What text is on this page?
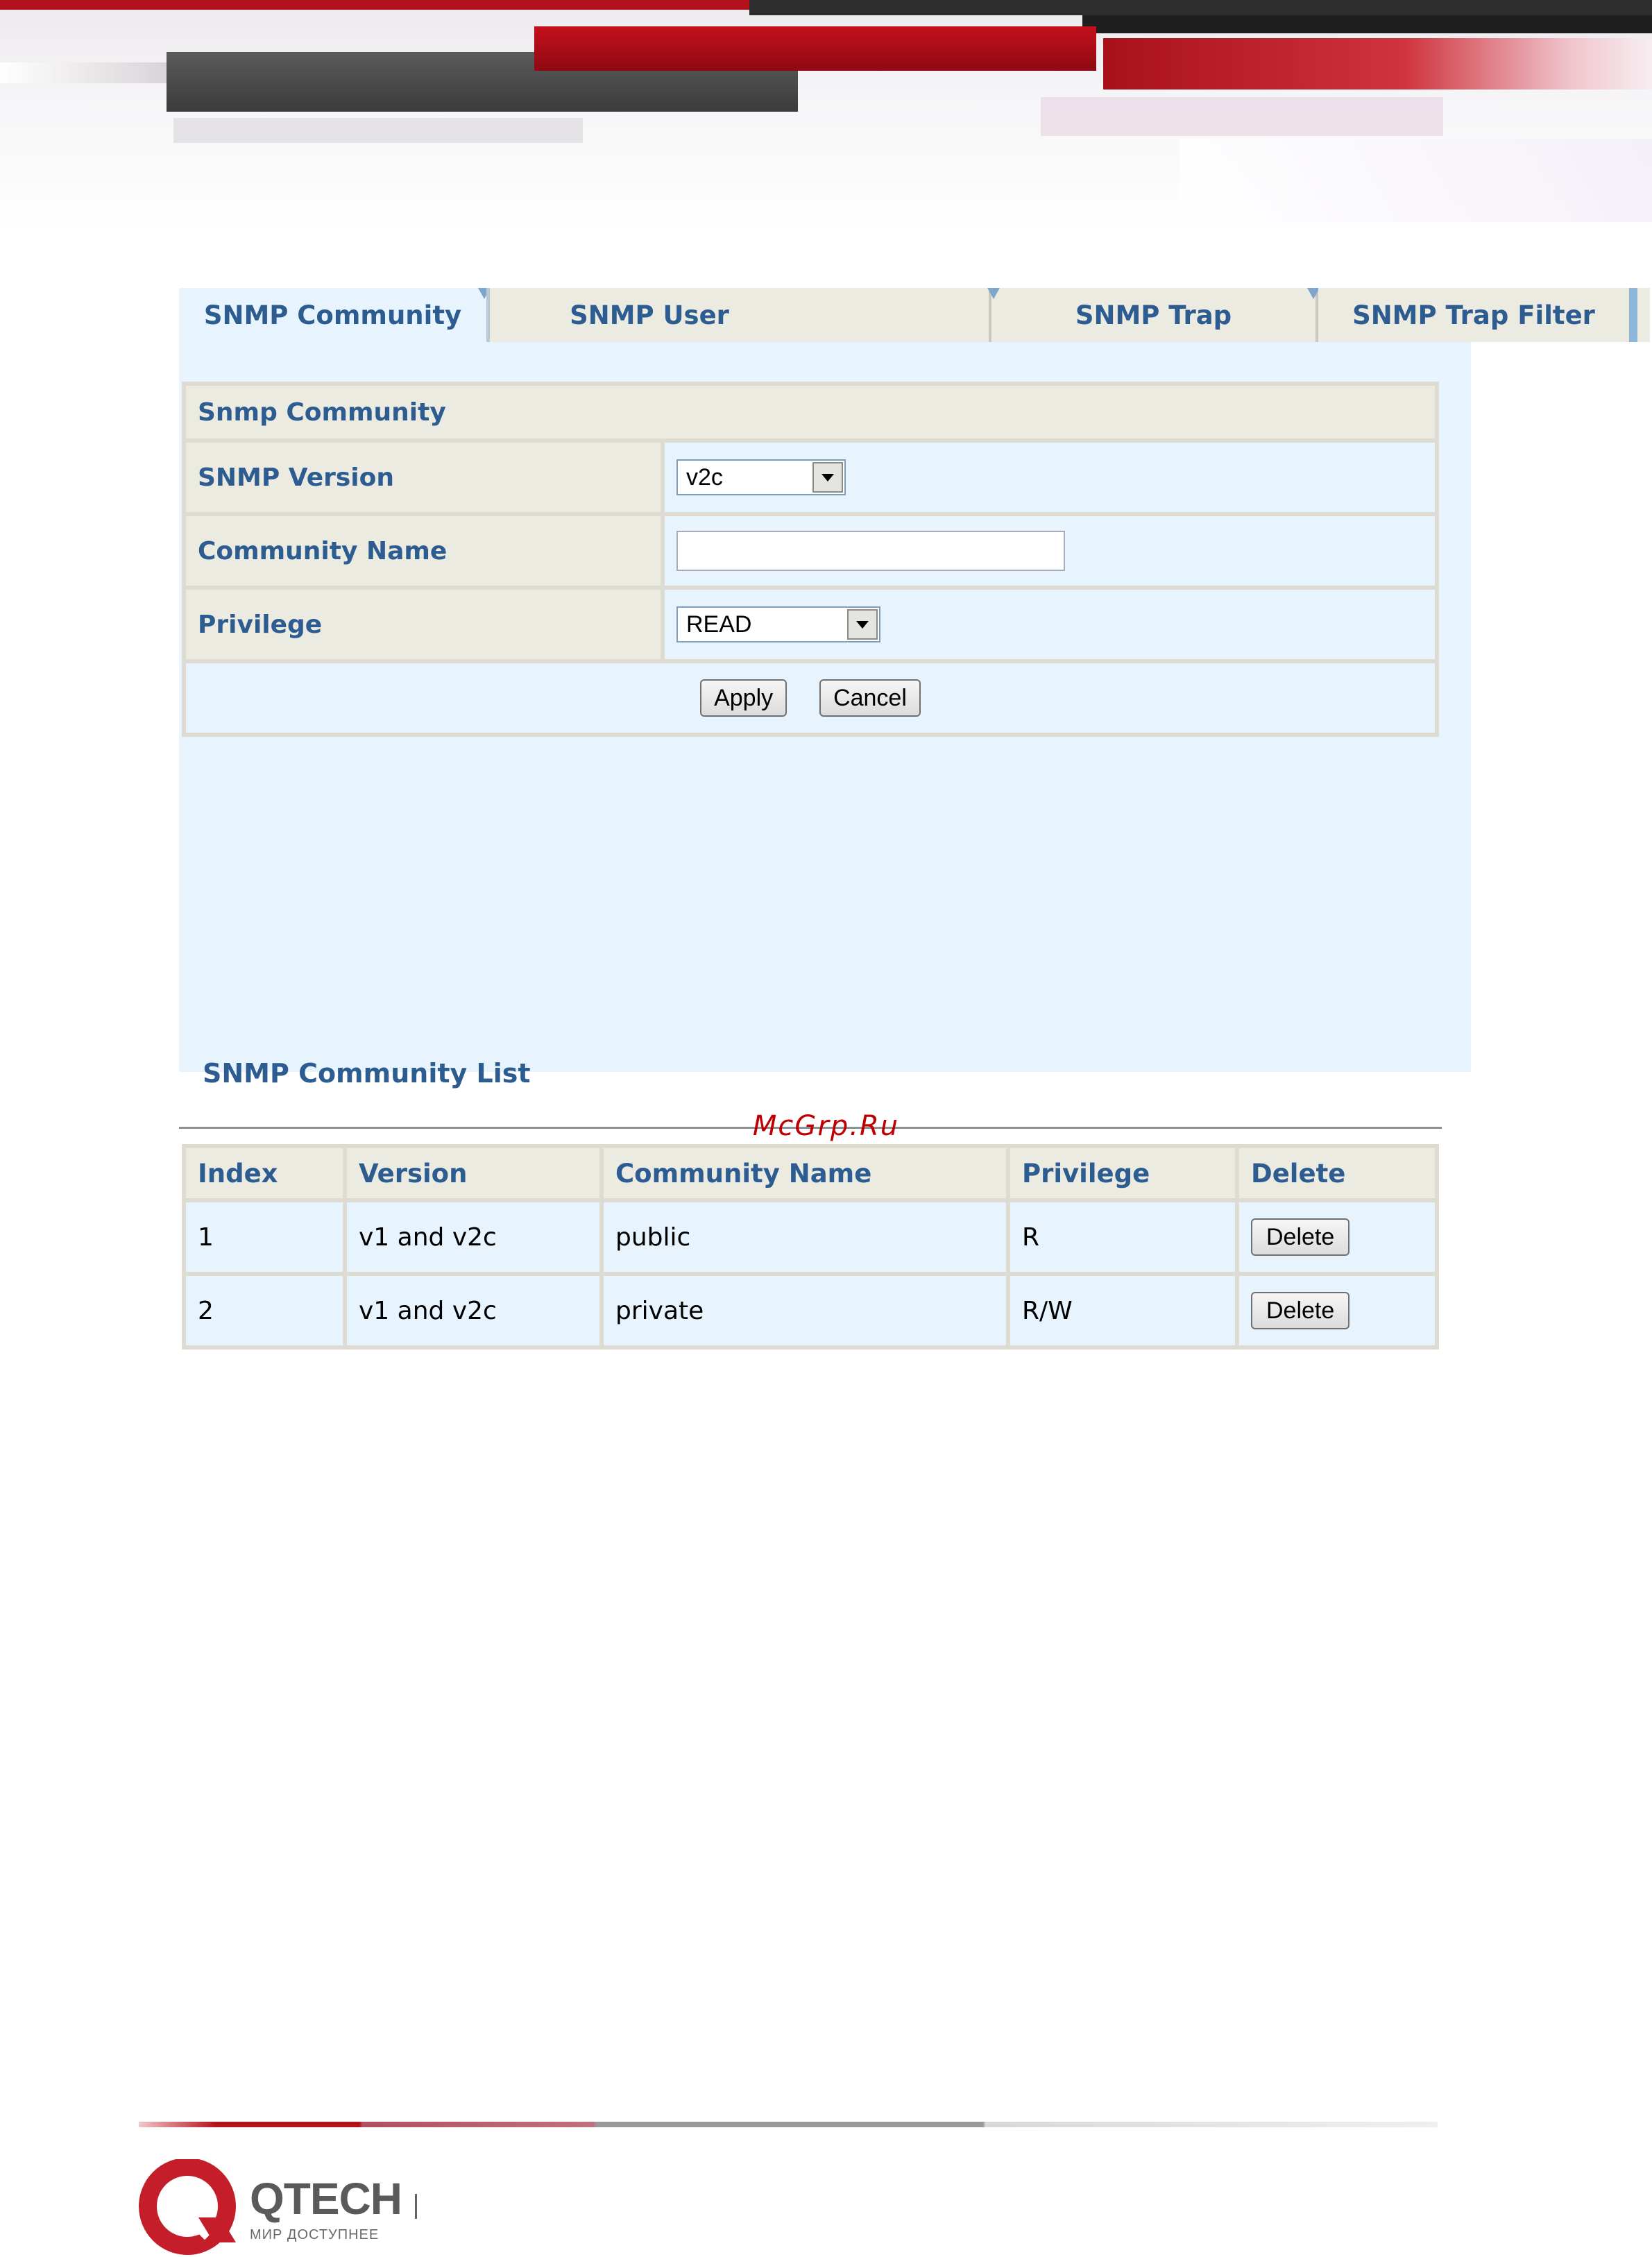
SNMP Community	SNMP User	SNMP Trap	SNMP Trap Filter
Snmp Community	
SNMP Version	v2c

Community Name	
Privilege	READ

Apply Cancel	
SNMP Community List
Index	Version	Community Name	Privilege	Delete
1	v1 and v2c	public	R	Delete
2	v1 and v2c	private	R/W	Delete
McGrp.Ru
QTECH
МИР ДОСТУПНЕЕ
